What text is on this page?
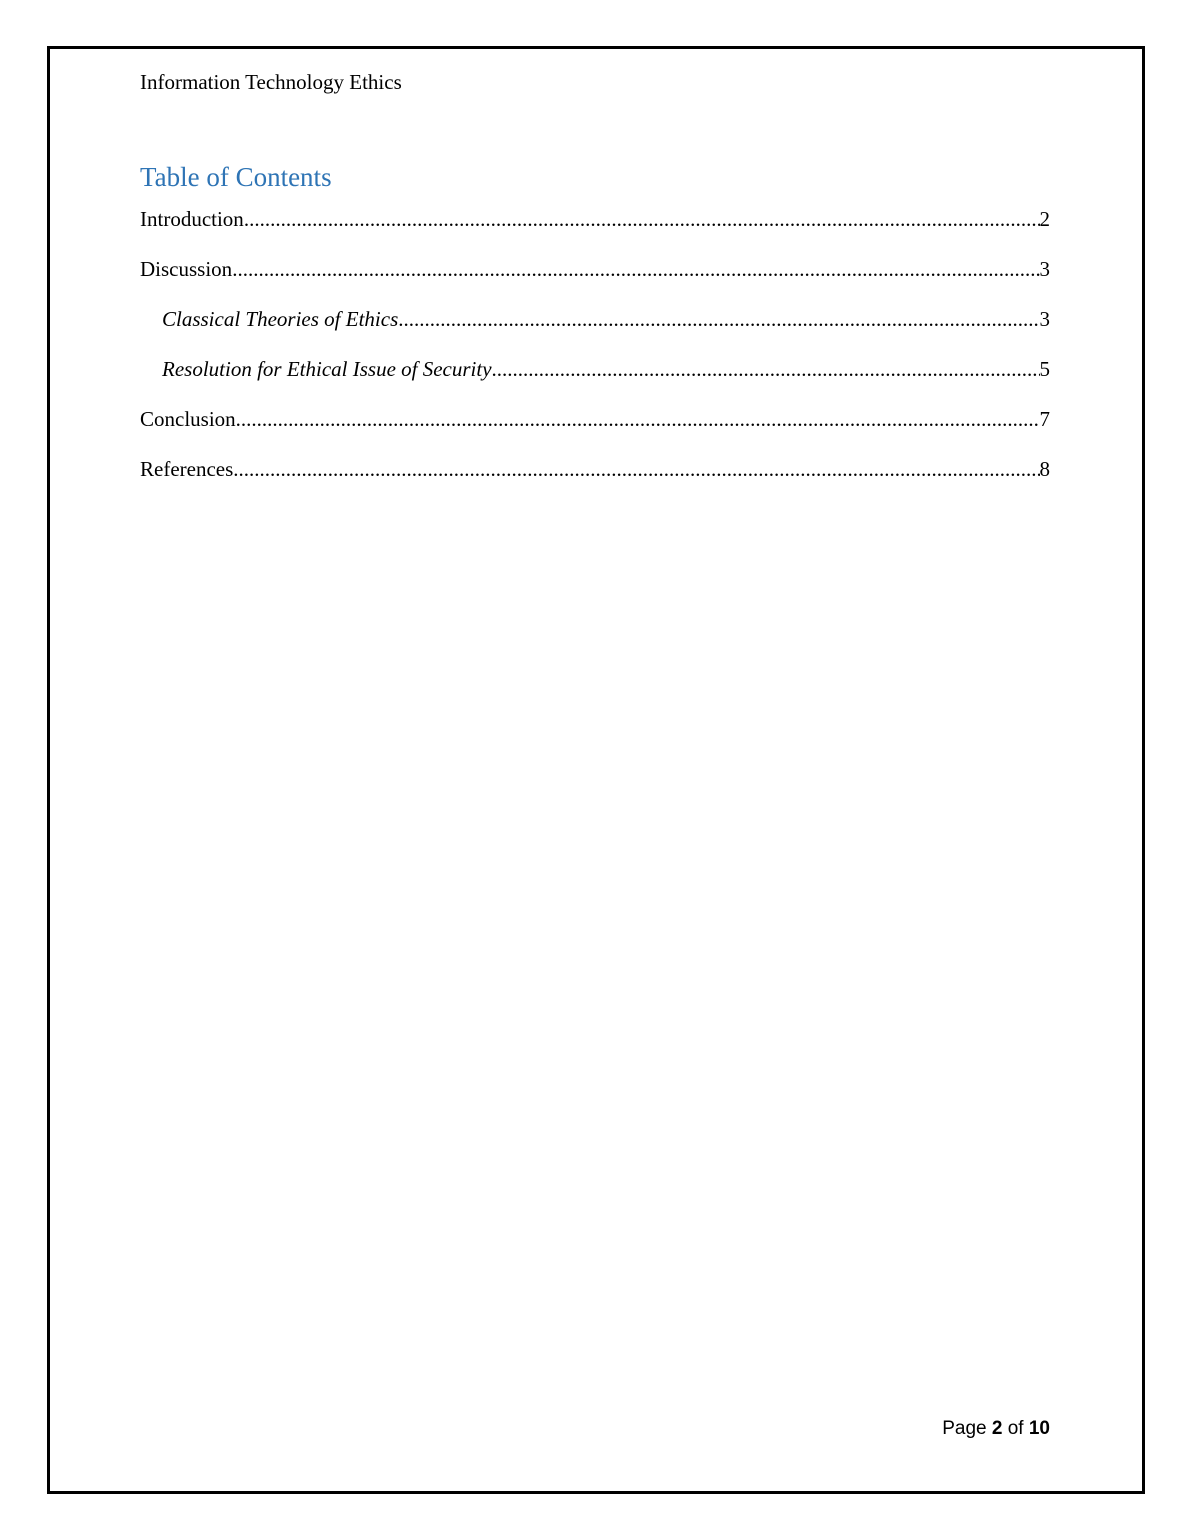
Information Technology Ethics
Table of Contents
Introduction .....	2
Discussion .....	3
Classical Theories of Ethics .....	3
Resolution for Ethical Issue of Security .....	5
Conclusion .....	7
References .....	8
Page 2 of 10
